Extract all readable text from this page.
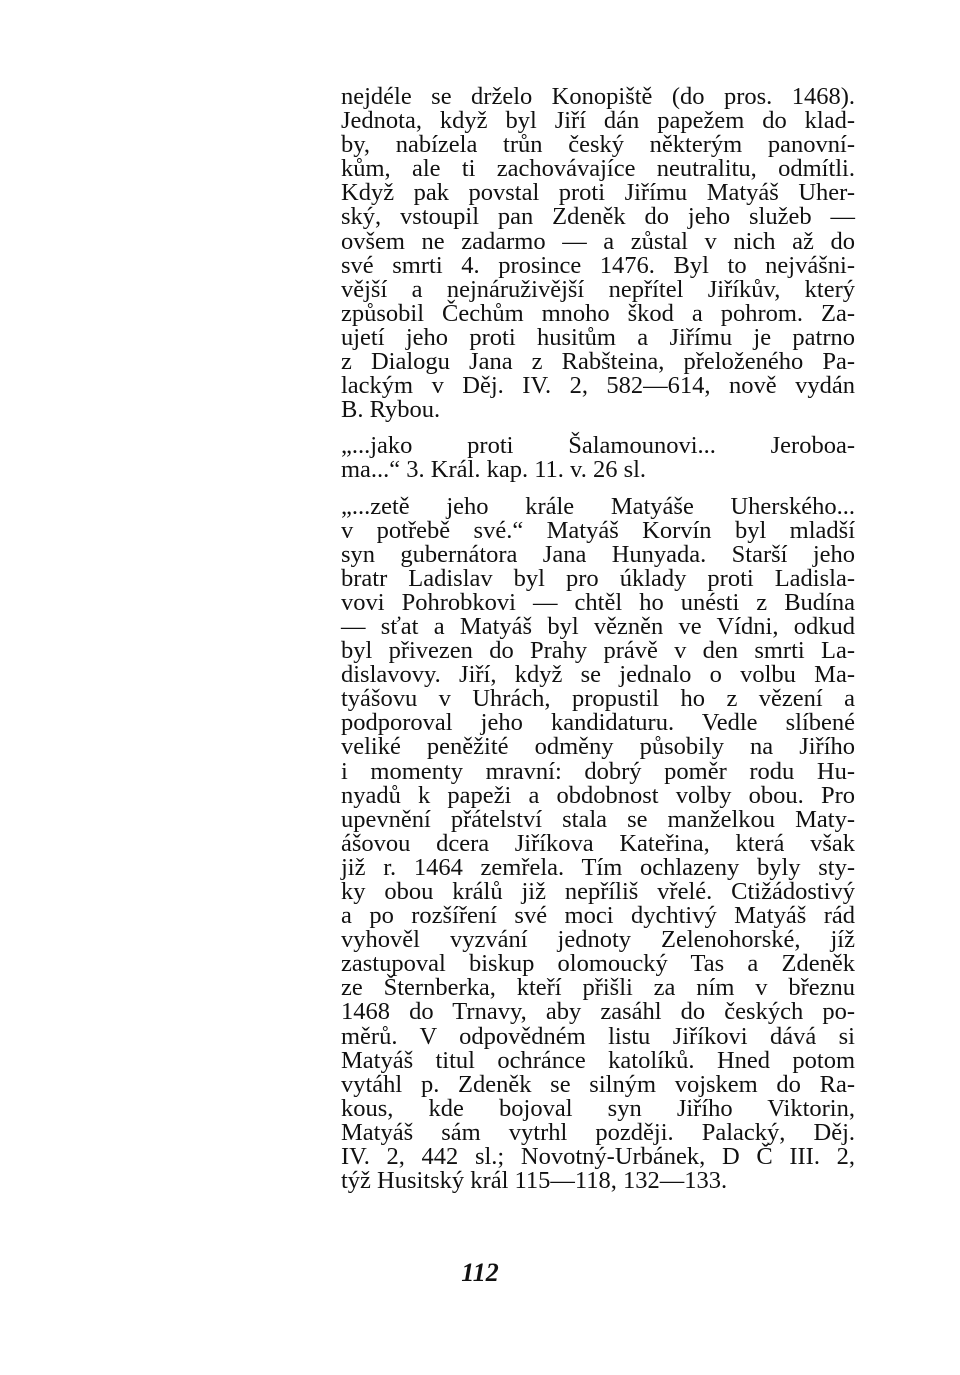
nejdéle se drželo Konopiště (do pros. 1468).
Jednota, když byl Jiří dán papežem do klad-
by, nabízela trůn český některým panovní-
kům, ale ti zachovávajíce neutralitu, odmítli.
Když pak povstal proti Jiřímu Matyáš Uher-
ský, vstoupil pan Zdeněk do jeho služeb —
ovšem ne zadarmo — a zůstal v nich až do
své smrti 4. prosince 1476. Byl to nejvášni-
vější a nejnáruživější nepřítel Jiříkův, který
způsobil Čechům mnoho škod a pohrom. Za-
ujetí jeho proti husitům a Jiřímu je patrno
z Dialogu Jana z Rabšteina, přeloženého Pa-
lackým v Děj. IV. 2, 582—614, nově vydán
B. Rybou.
„...jako proti Šalamounovi... Jeroboa-
ma...“ 3. Král. kap. 11. v. 26 sl.
„...zetě jeho krále Matyáše Uherského...
v potřebě své.“ Matyáš Korvín byl mladší
syn gubernátora Jana Hunyada. Starší jeho
bratr Ladislav byl pro úklady proti Ladisla-
vovi Pohrobkovi — chtěl ho unésti z Budína
— sťat a Matyáš byl vězněn ve Vídni, odkud
byl přivezen do Prahy právě v den smrti La-
dislavovy. Jiří, když se jednalo o volbu Ma-
tyášovu v Uhrách, propustil ho z vězení a
podporoval jeho kandidaturu. Vedle slíbené
veliké peněžité odměny působily na Jiřího
i momenty mravní: dobrý poměr rodu Hu-
nyadů k papeži a obdobnost volby obou. Pro
upevnění přátelství stala se manželkou Maty-
ášovou dcera Jiříkova Kateřina, která však
již r. 1464 zemřela. Tím ochlazeny byly sty-
ky obou králů již nepříliš vřelé. Ctižádostivý
a po rozšíření své moci dychtivý Matyáš rád
vyhověl vyzvání jednoty Zelenohorské, jíž
zastupoval biskup olomoucký Tas a Zdeněk
ze Šternberka, kteří přišli za ním v březnu
1468 do Trnavy, aby zasáhl do českých po-
měrů. V odpovědném listu Jiříkovi dává si
Matyáš titul ochránce katolíků. Hned potom
vytáhl p. Zdeněk se silným vojskem do Ra-
kous, kde bojoval syn Jiřího Viktorin,
Matyáš sám vytrhl později. Palacký, Děj.
IV. 2, 442 sl.; Novotný-Urbánek, D Č III. 2,
týž Husitský král 115—118, 132—133.
112
